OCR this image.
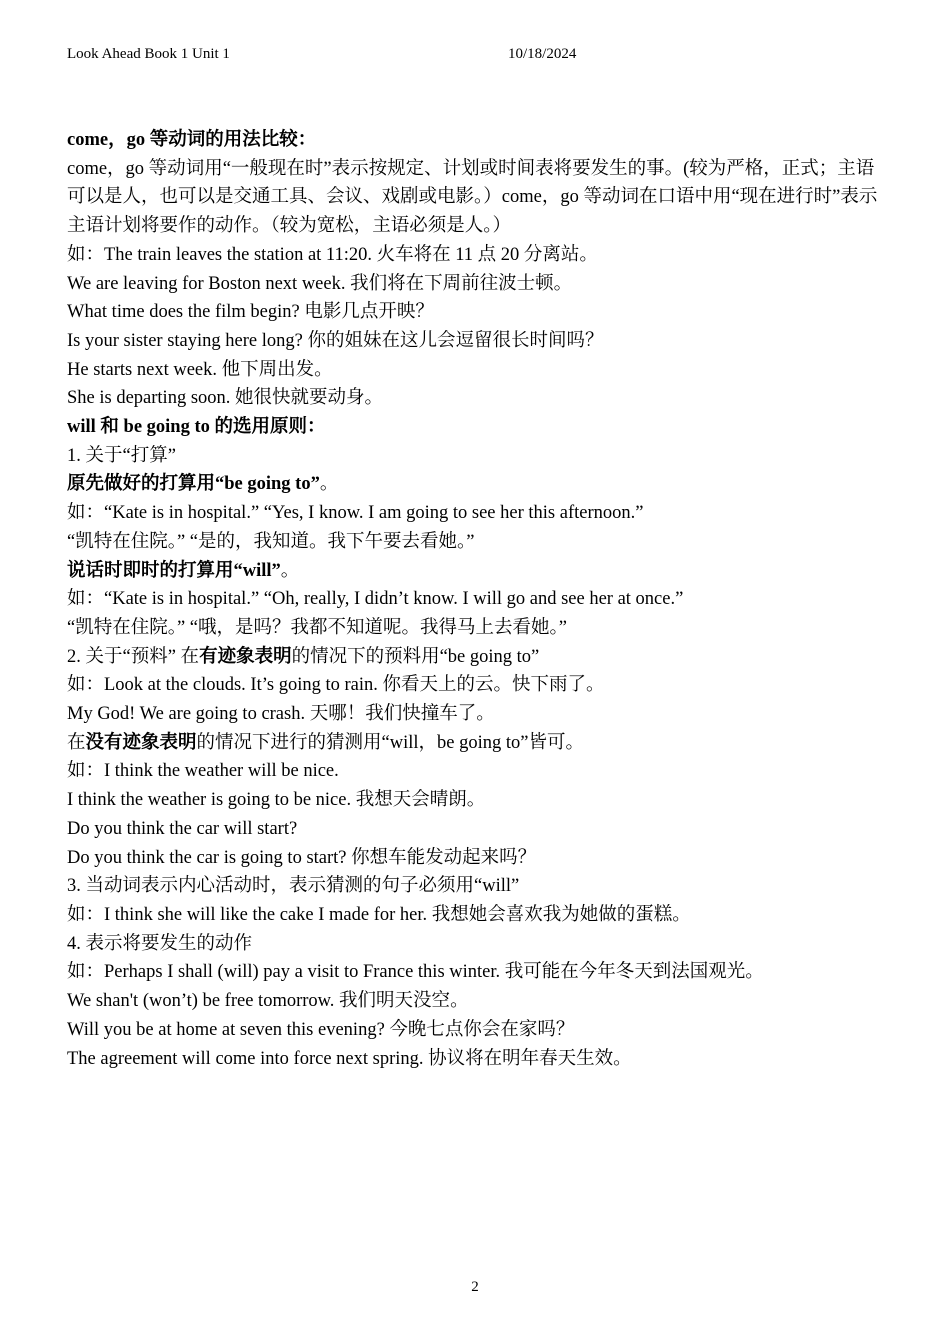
Look Ahead Book 1 Unit 1	10/18/2024
come，go 等动词的用法比较：
come，go 等动词用“一般现在时”表示按规定、计划或时间表将要发生的事。(较为严格，正式；主语可以是人，也可以是交通工具、会议、戏剧或电影。）come，go 等动词在口语中用“现在进行时”表示主语计划将要作的动作。（较为宽松，主语必须是人。）
如：The train leaves the station at 11:20. 火车将在 11 点 20 分离站。
We are leaving for Boston next week. 我们将在下周前往波士顿。
What time does the film begin? 电影几点开映？
Is your sister staying here long? 你的姐妹在这儿会逗留很长时间吗？
He starts next week. 他下周出发。
She is departing soon. 她很快就要动身。
will 和 be going to 的选用原则：
1. 关于“打算”
原先做好的打算用“be going to”。
如：“Kate is in hospital.” “Yes, I know. I am going to see her this afternoon.”
“凯特在住院。” “是的，我知道。我下午要去看她。”
说话时即时的打算用“will”。
如：“Kate is in hospital.” “Oh, really, I didn’t know. I will go and see her at once.”
“凯特在住院。” “哦，是吗？我都不知道呢。我得马上去看她。”
2. 关于“预料” 在有迹象表明的情况下的预料用“be going to”
如：Look at the clouds. It’s going to rain. 你看天上的云。快下雨了。
My God! We are going to crash. 天哪！我们快撞车了。
在没有迹象表明的情况下进行的猜测用“will，be going to”皆可。
如：I think the weather will be nice.
I think the weather is going to be nice. 我想天会晴朗。
Do you think the car will start?
Do you think the car is going to start? 你想车能发动起来吗？
3. 当动词表示内心活动时，表示猜测的句子必须用“will”
如：I think she will like the cake I made for her. 我想她会喜欢我为她做的蛋糕。
4. 表示将要发生的动作
如：Perhaps I shall (will) pay a visit to France this winter. 我可能在今年冬天到法国观光。
We shan't (won’t) be free tomorrow. 我们明天没空。
Will you be at home at seven this evening? 今晚七点你会在家吗？
The agreement will come into force next spring. 协议将在明年春天生效。
2
